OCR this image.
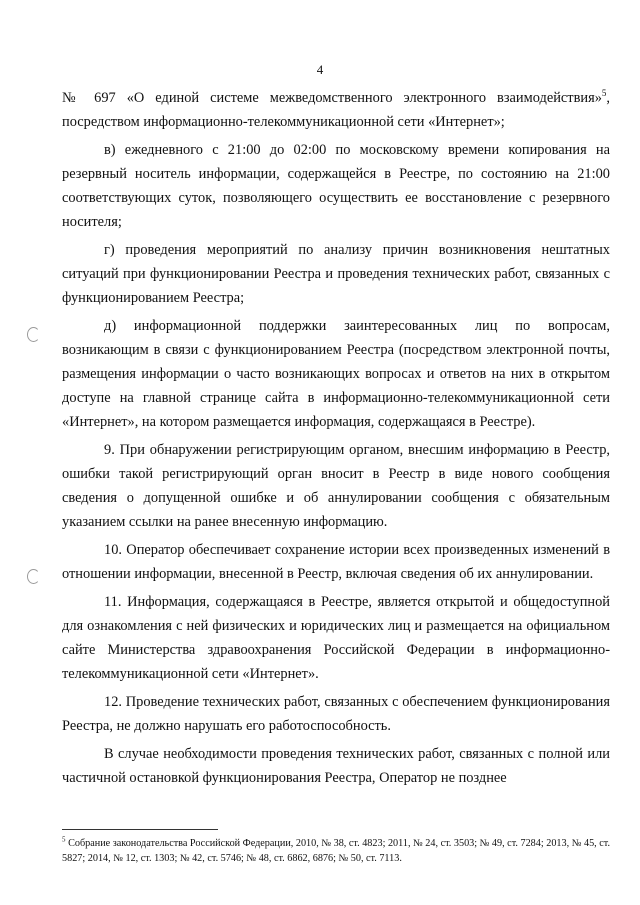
4

№ 697 «О единой системе межведомственного электронного взаимодействия»$^5$, посредством информационно-телекоммуникационной сети «Интернет»;

в) ежедневного с 21:00 до 02:00 по московскому времени копирования на резервный носитель информации, содержащейся в Реестре, по состоянию на 21:00 соответствующих суток, позволяющего осуществить ее восстановление с резервного носителя;

г) проведения мероприятий по анализу причин возникновения нештатных ситуаций при функционировании Реестра и проведения технических работ, связанных с функционированием Реестра;

д) информационной поддержки заинтересованных лиц по вопросам, возникающим в связи с функционированием Реестра (посредством электронной почты, размещения информации о часто возникающих вопросах и ответов на них в открытом доступе на главной странице сайта в информационно-телекоммуникационной сети «Интернет», на котором размещается информация, содержащаяся в Реестре).

9. При обнаружении регистрирующим органом, внесшим информацию в Реестр, ошибки такой регистрирующий орган вносит в Реестр в виде нового сообщения сведения о допущенной ошибке и об аннулировании сообщения с обязательным указанием ссылки на ранее внесенную информацию.

10. Оператор обеспечивает сохранение истории всех произведенных изменений в отношении информации, внесенной в Реестр, включая сведения об их аннулировании.

11. Информация, содержащаяся в Реестре, является открытой и общедоступной для ознакомления с ней физических и юридических лиц и размещается на официальном сайте Министерства здравоохранения Российской Федерации в информационно-телекоммуникационной сети «Интернет».

12. Проведение технических работ, связанных с обеспечением функционирования Реестра, не должно нарушать его работоспособность.

В случае необходимости проведения технических работ, связанных с полной или частичной остановкой функционирования Реестра, Оператор не позднее

$^5$ Собрание законодательства Российской Федерации, 2010, № 38, ст. 4823; 2011, № 24, ст. 3503; № 49, ст. 7284; 2013, № 45, ст. 5827; 2014, № 12, ст. 1303; № 42, ст. 5746; № 48, ст. 6862, 6876; № 50, ст. 7113.
